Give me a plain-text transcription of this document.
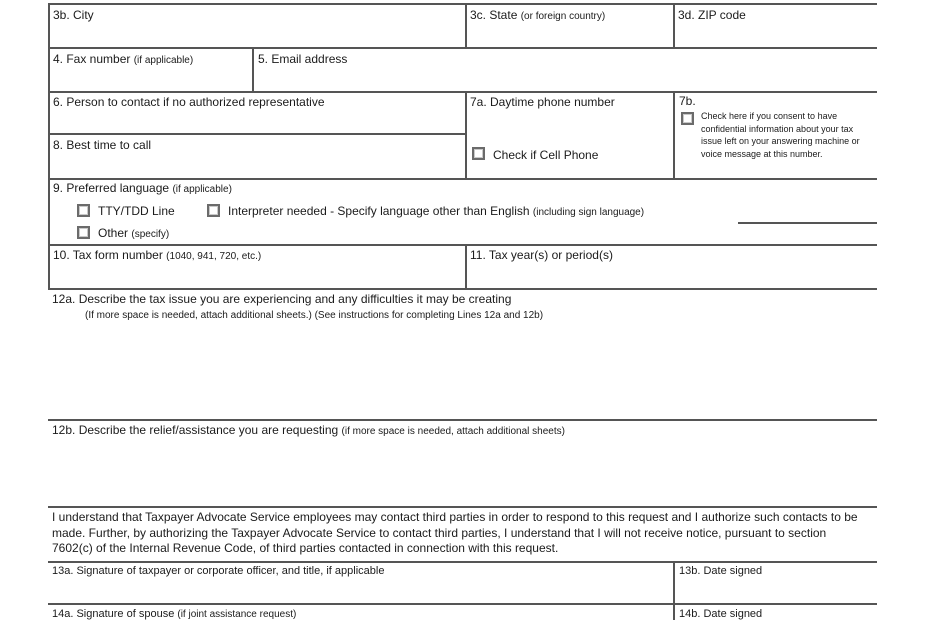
3b. City	3c. State (or foreign country)	3d. ZIP code
4. Fax number (if applicable)	5. Email address
6. Person to contact if no authorized representative
8. Best time to call
7a. Daytime phone number
Check if Cell Phone
7b.
Check here if you consent to have confidential information about your tax issue left on your answering machine or voice message at this number.
9. Preferred language (if applicable)
TTY/TDD Line	Interpreter needed - Specify language other than English (including sign language)
Other (specify)
10. Tax form number (1040, 941, 720, etc.)	11. Tax year(s) or period(s)
12a. Describe the tax issue you are experiencing and any difficulties it may be creating
(If more space is needed, attach additional sheets.) (See instructions for completing Lines 12a and 12b)
12b. Describe the relief/assistance you are requesting (if more space is needed, attach additional sheets)
I understand that Taxpayer Advocate Service employees may contact third parties in order to respond to this request and I authorize such contacts to be made. Further, by authorizing the Taxpayer Advocate Service to contact third parties, I understand that I will not receive notice, pursuant to section 7602(c) of the Internal Revenue Code, of third parties contacted in connection with this request.
13a. Signature of taxpayer or corporate officer, and title, if applicable	13b. Date signed
14a. Signature of spouse (if joint assistance request)	14b. Date signed
